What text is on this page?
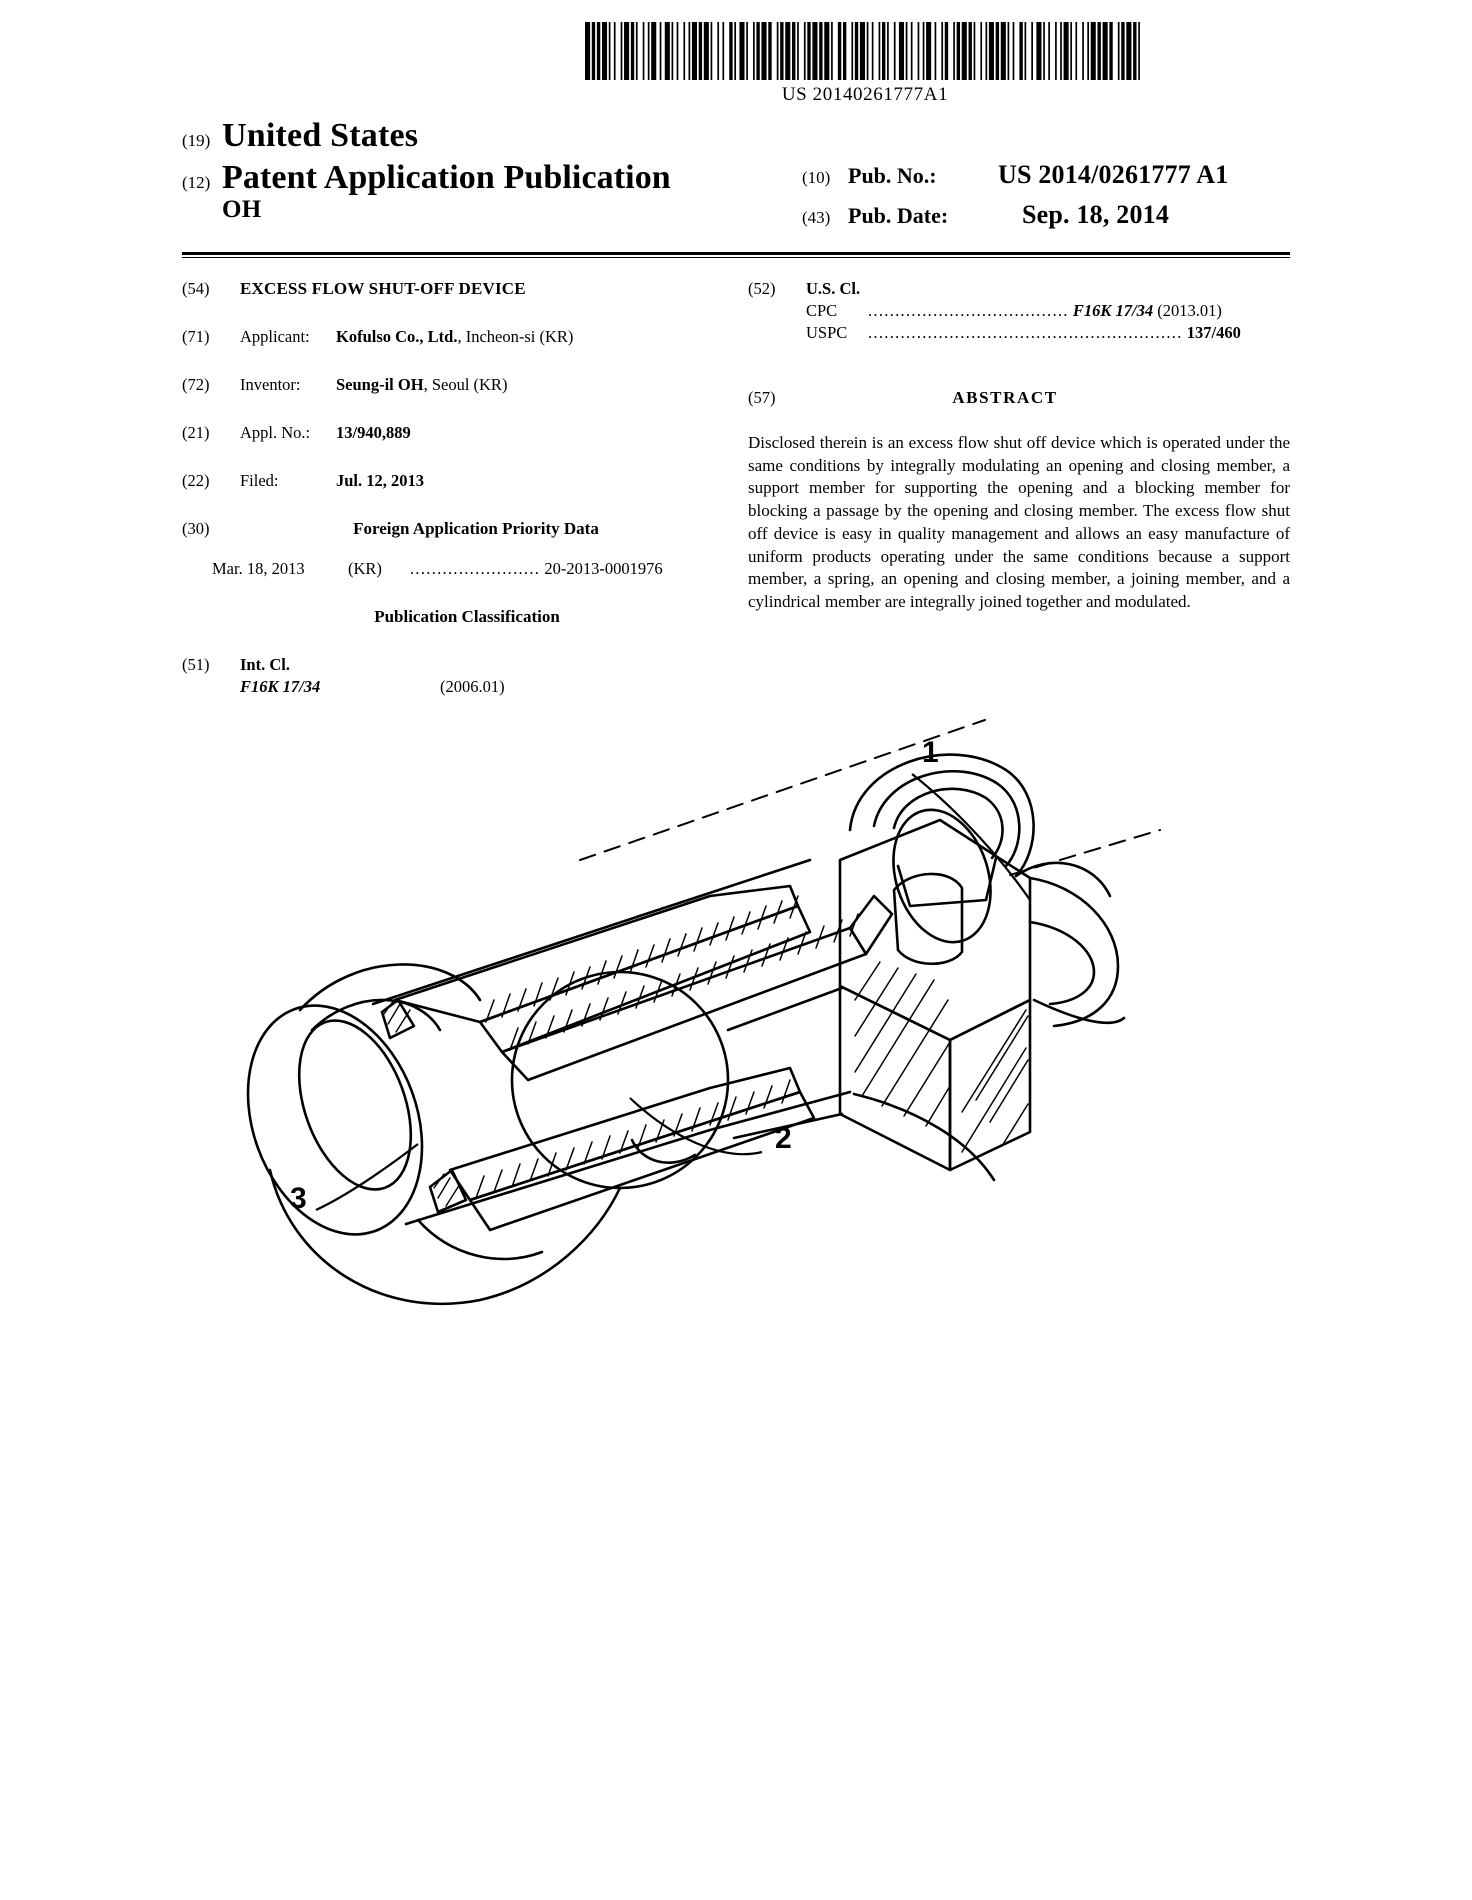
US 20140261777A1
(19) United States
(12) Patent Application Publication	(10) Pub. No.:	US 2014/0261777 A1
(43) Pub. Date:	Sep. 18, 2014
OH
(54)	EXCESS FLOW SHUT-OFF DEVICE
(71)	Applicant: Kofulso Co., Ltd., Incheon-si (KR)
(72)	Inventor: Seung-il OH, Seoul (KR)
(21)	Appl. No.: 13/940,889
(22)	Filed:	Jul. 12, 2013
(30)	Foreign Application Priority Data
Mar. 18, 2013	(KR) ........................ 20-2013-0001976
Publication Classification
(51)	Int. Cl.
F16K 17/34	(2006.01)
(52)	U.S. Cl.
CPC ..................................... F16K 17/34 (2013.01)
USPC .......................................................... 137/460
(57)	ABSTRACT
Disclosed therein is an excess flow shut off device which is operated under the same conditions by integrally modulating an opening and closing member, a support member for supporting the opening and a blocking member for blocking a passage by the opening and closing member. The excess flow shut off device is easy in quality management and allows an easy manufacture of uniform products operating under the same conditions because a support member, a spring, an opening and closing member, a joining member, and a cylindrical member are integrally joined together and modulated.
1
2
3
